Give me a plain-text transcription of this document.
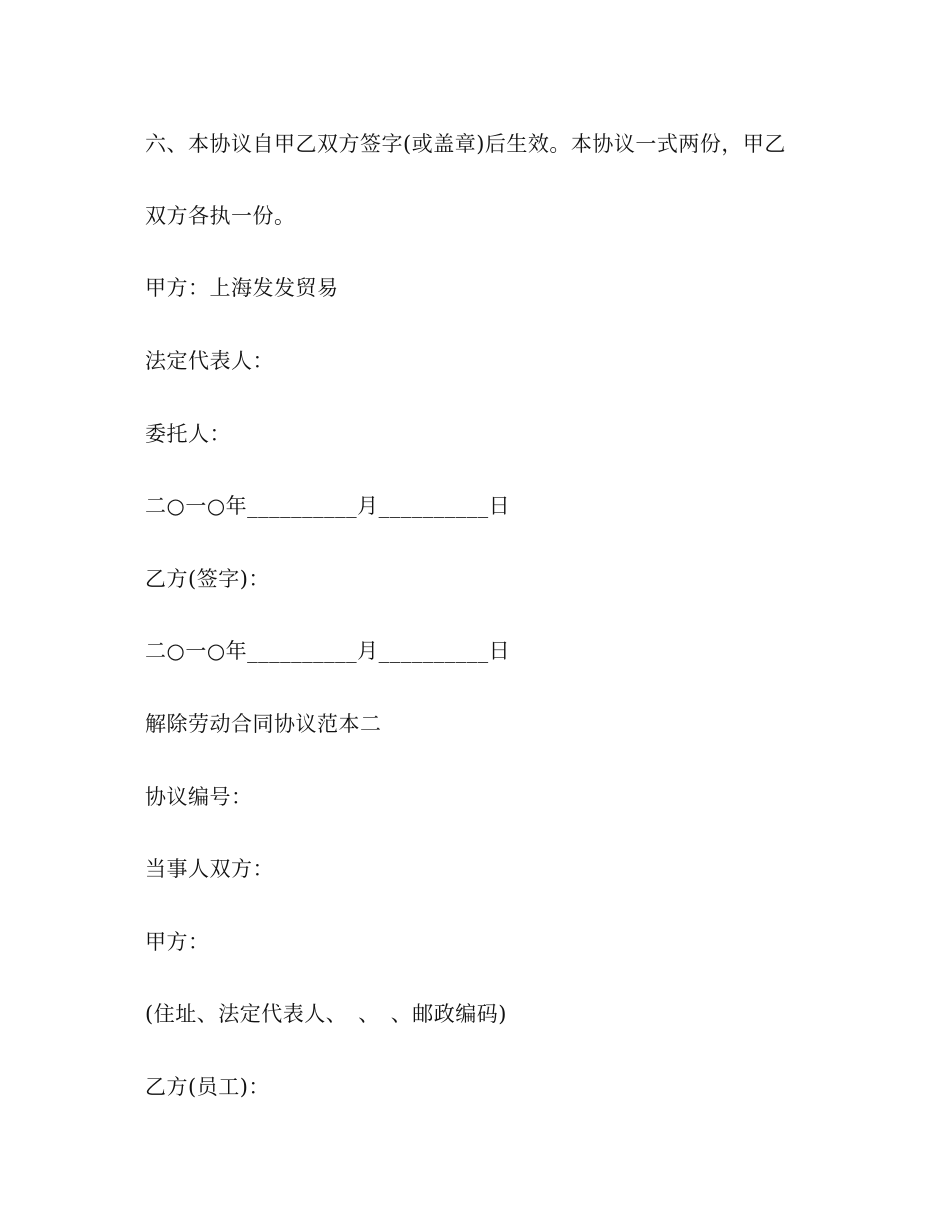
六、本协议自甲乙双方签字(或盖章)后生效。本协议一式两份，甲乙
双方各执一份。
甲方：上海发发贸易
法定代表人：
委托人：
二○一○年__________月__________日
乙方(签字)：
二○一○年__________月__________日
解除劳动合同协议范本二
协议编号：
当事人双方：
甲方：
(住址、法定代表人、　、　、邮政编码)
乙方(员工)：
